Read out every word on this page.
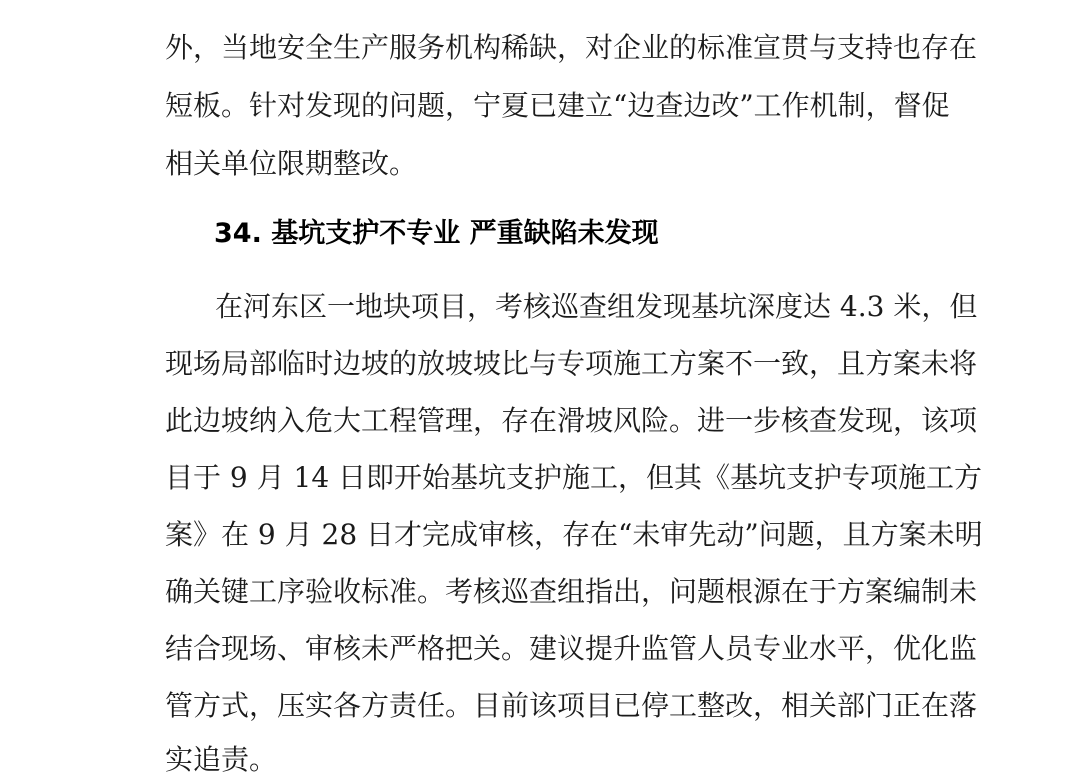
外，当地安全生产服务机构稀缺，对企业的标准宣贯与支持也存在
短板。针对发现的问题，宁夏已建立“边查边改”工作机制，督促
相关单位限期整改。
34. 基坑支护不专业 严重缺陷未发现
在河东区一地块项目，考核巡查组发现基坑深度达 4.3 米，但
现场局部临时边坡的放坡坡比与专项施工方案不一致，且方案未将
此边坡纳入危大工程管理，存在滑坡风险。进一步核查发现，该项
目于 9 月 14 日即开始基坑支护施工，但其《基坑支护专项施工方
案》在 9 月 28 日才完成审核，存在“未审先动”问题，且方案未明
确关键工序验收标准。考核巡查组指出，问题根源在于方案编制未
结合现场、审核未严格把关。建议提升监管人员专业水平，优化监
管方式，压实各方责任。目前该项目已停工整改，相关部门正在落
实追责。
